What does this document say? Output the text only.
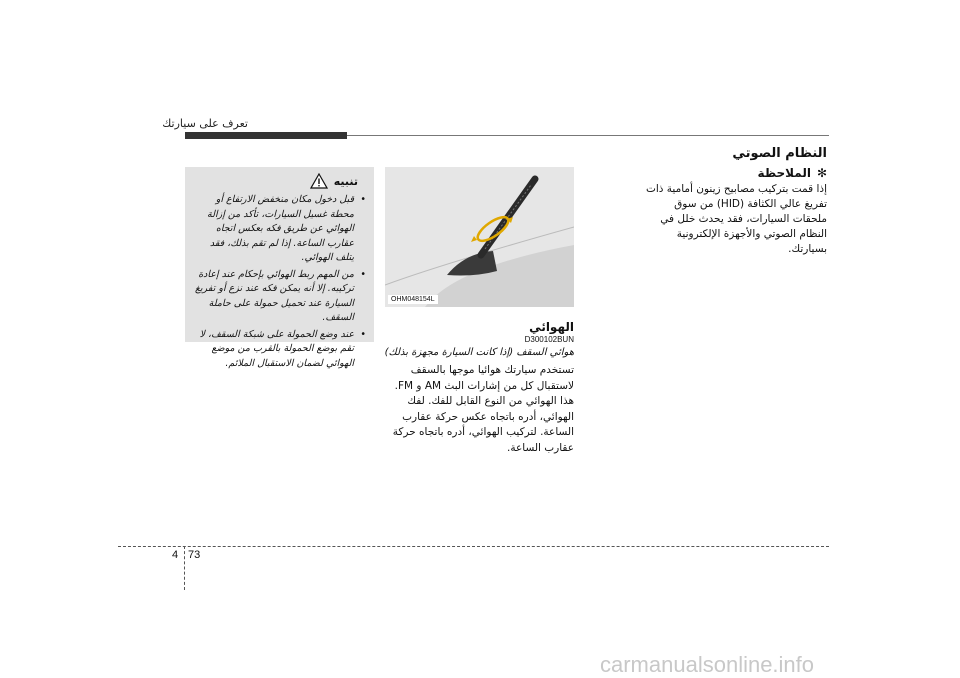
تعرف على سيارتك
النظام الصوتي
✻
الملاحظة
إذا قمت بتركيب مصابيح زينون أمامية ذات تفريغ عالي الكثافة (HID) من سوق ملحقات السيارات، فقد يحدث خلل في النظام الصوتي والأجهزة الإلكترونية بسيارتك.
OHM048154L
الهوائي
D300102BUN
هوائي السقف (إذا كانت السيارة مجهزة بذلك)
تستخدم سيارتك هوائيا موجها بالسقف لاستقبال كل من إشارات البث AM و FM. هذا الهوائي من النوع القابل للفك. لفك الهوائي، أدره باتجاه عكس حركة عقارب الساعة. لتركيب الهوائي، أدره باتجاه حركة عقارب الساعة.
تنبيه
• قبل دخول مكان منخفض الارتفاع أو محطة غسيل السيارات، تأكد من إزالة الهوائي عن طريق فكه بعكس اتجاه عقارب الساعة. إذا لم تقم بذلك، فقد يتلف الهوائي.
• من المهم ربط الهوائي بإحكام عند إعادة تركيبه. إلا أنه يمكن فكه عند نزع أو تفريغ السيارة عند تحميل حمولة على حاملة السقف.
• عند وضع الحمولة على شبكة السقف، لا تقم بوضع الحمولة بالقرب من موضع الهوائي لضمان الاستقبال الملائم.
4 73
carmanualsonline.info
